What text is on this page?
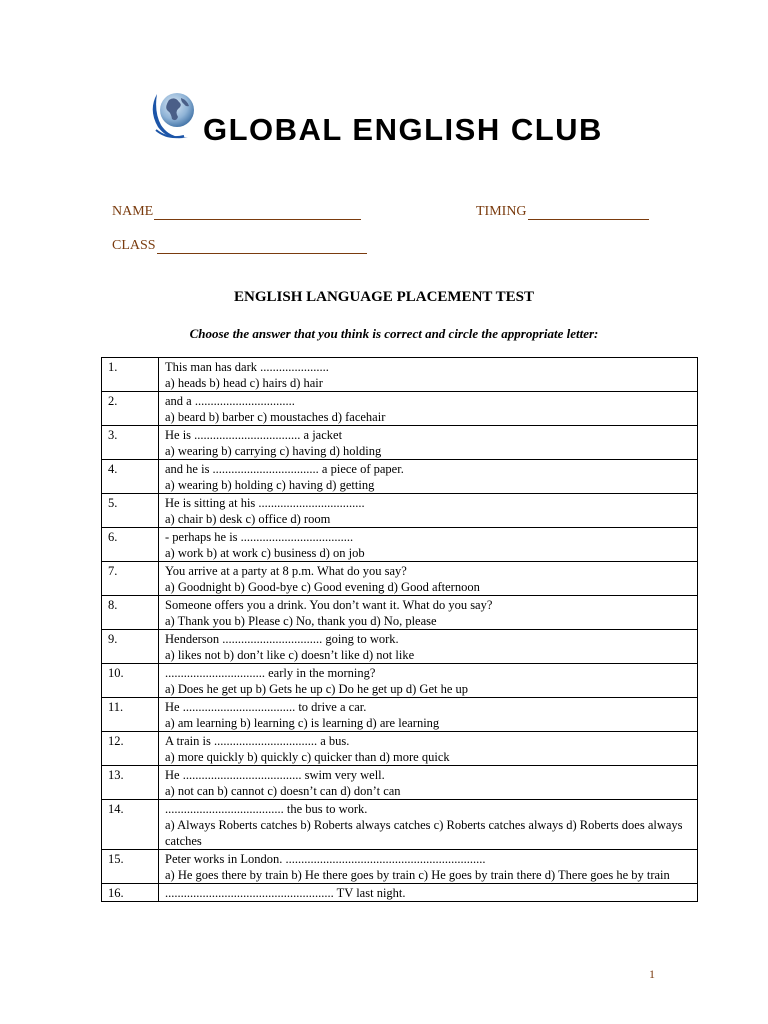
GLOBAL ENGLISH CLUB
NAME	TIMING
CLASS
ENGLISH LANGUAGE PLACEMENT TEST
Choose the answer that you think is correct and circle the appropriate letter:
1.	This man has dark ......................
a) heads b) head c) hairs d) hair

2.	and a ................................
a) beard b) barber c) moustaches d) facehair

3.	He is .................................. a jacket
a) wearing b) carrying c) having d) holding

4.	and he is .................................. a piece of paper.
a) wearing b) holding c) having d) getting

5.	He is sitting at his ..................................
a) chair b) desk c) office d) room

6.	- perhaps he is ....................................
a) work b) at work c) business d) on job

7.	You arrive at a party at 8 p.m. What do you say?
a) Goodnight b) Good-bye c) Good evening d) Good afternoon

8.	Someone offers you a drink. You don’t want it. What do you say?
a) Thank you b) Please c) No, thank you d) No, please

9.	Henderson ................................ going to work.
a) likes not b) don’t like c) doesn’t like d) not like

10.	................................ early in the morning?
a) Does he get up b) Gets he up c) Do he get up d) Get he up

11.	He .................................... to drive a car.
a) am learning b) learning c) is learning d) are learning

12.	A train is ................................. a bus.
a) more quickly b) quickly c) quicker than d) more quick

13.	He ...................................... swim very well.
a) not can b) cannot c) doesn’t can d) don’t can

14.	...................................... the bus to work.
a) Always Roberts catches b) Roberts always catches c) Roberts catches always d) Roberts does always catches

15.	Peter works in London. ................................................................
a) He goes there by train b) He there goes by train c) He goes by train there d) There goes he by train

16.	...................................................... TV last night.
1
